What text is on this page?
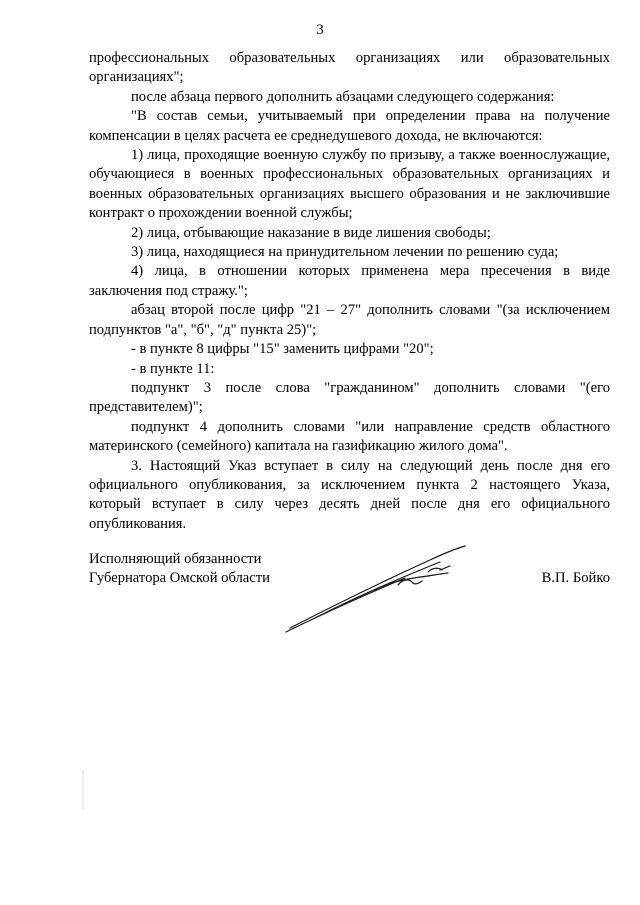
3

профессиональных образовательных организациях или образовательных организациях";

после абзаца первого дополнить абзацами следующего содержания:

"В состав семьи, учитываемый при определении права на получение компенсации в целях расчета ее среднедушевого дохода, не включаются:

1) лица, проходящие военную службу по призыву, а также военнослужащие, обучающиеся в военных профессиональных образовательных организациях и военных образовательных организациях высшего образования и не заключившие контракт о прохождении военной службы;

2) лица, отбывающие наказание в виде лишения свободы;

3) лица, находящиеся на принудительном лечении по решению суда;

4) лица, в отношении которых применена мера пресечения в виде заключения под стражу.";

абзац второй после цифр "21 – 27" дополнить словами "(за исключением подпунктов "а", "б", "д" пункта 25)";

- в пункте 8 цифры "15" заменить цифрами "20";

- в пункте 11:

подпункт 3 после слова "гражданином" дополнить словами "(его представителем)";

подпункт 4 дополнить словами "или направление средств областного материнского (семейного) капитала на газификацию жилого дома".

3. Настоящий Указ вступает в силу на следующий день после дня его официального опубликования, за исключением пункта 2 настоящего Указа, который вступает в силу через десять дней после дня его официального опубликования.

Исполняющий обязанности
Губернатора Омской области	В.П. Бойко
